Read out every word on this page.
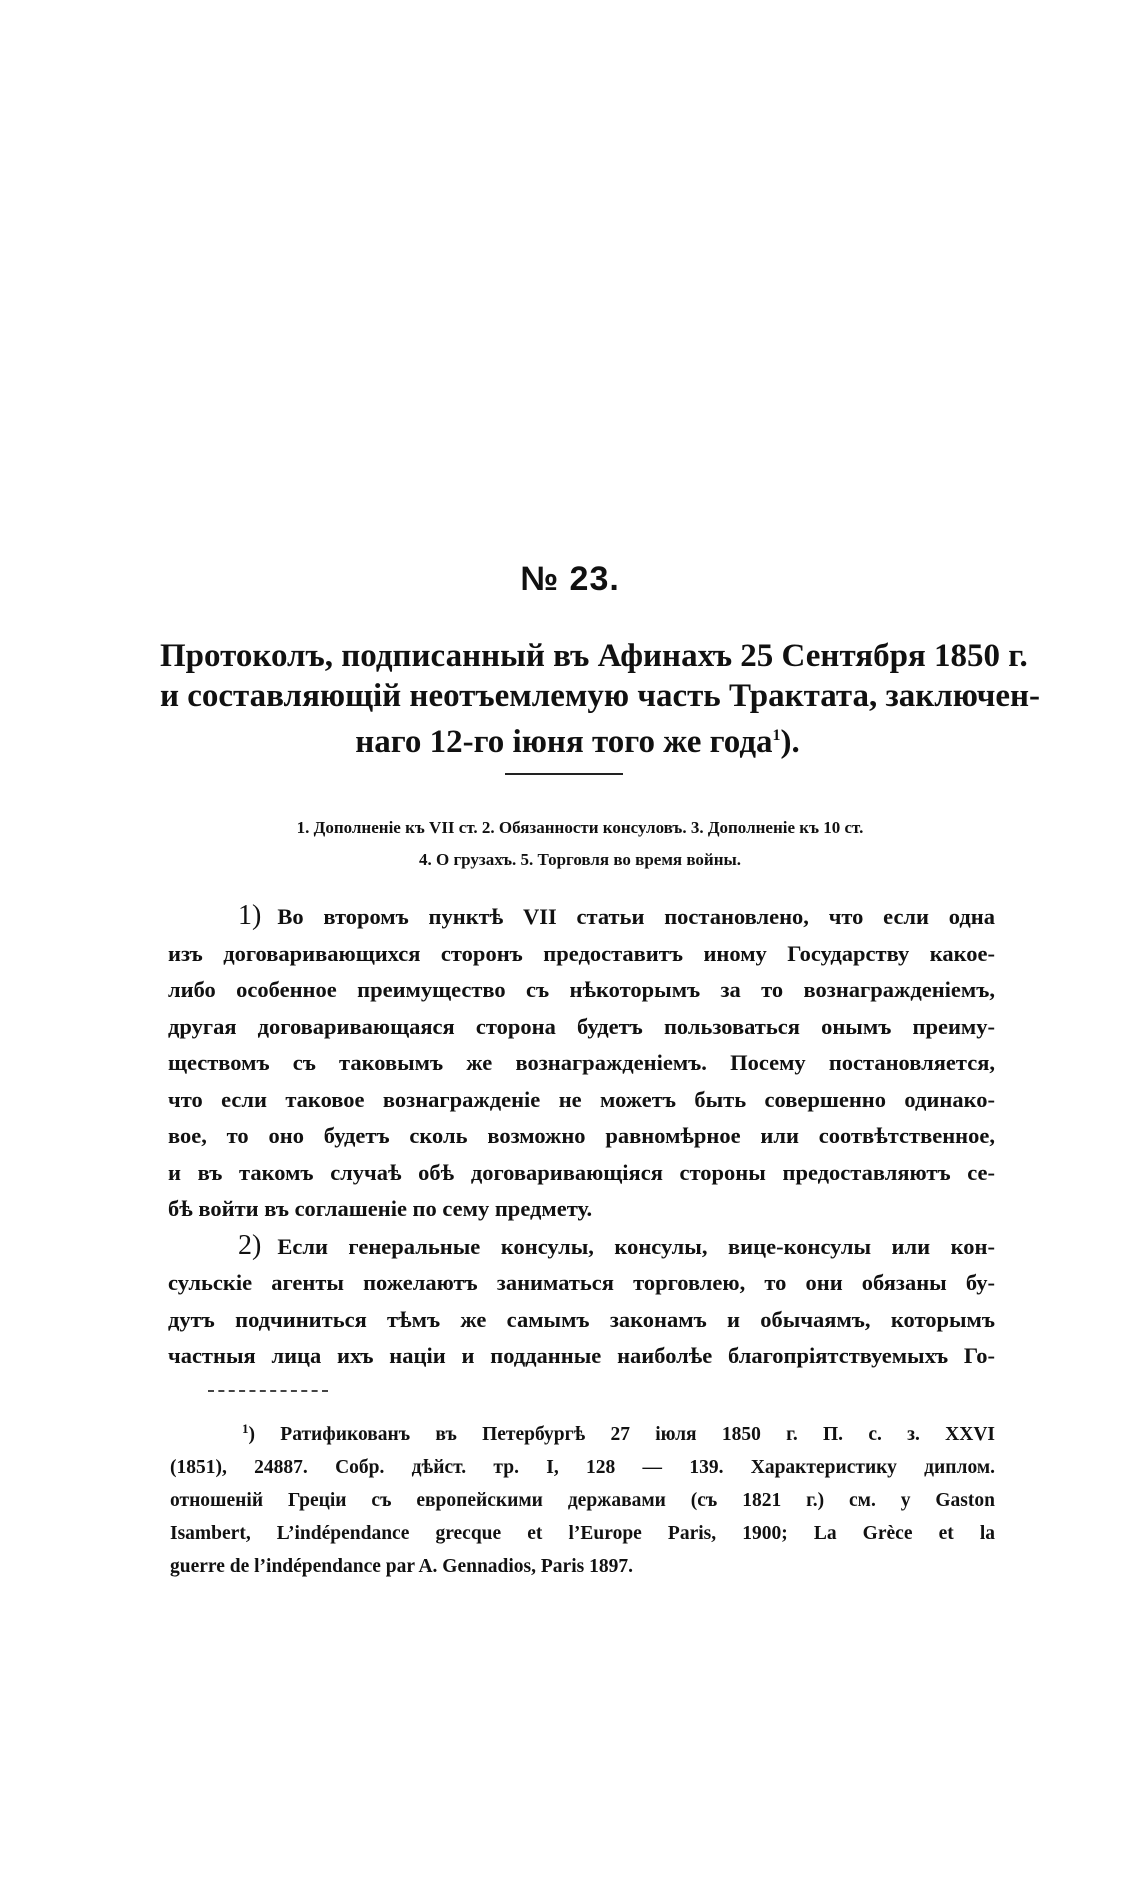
№ 23.
Протоколъ, подписанный въ Афинахъ 25 Сентября 1850 г.
и составляющій неотъемлемую часть Трактата, заключен-
наго 12-го іюня того же года$^1$).
1. Дополненіе къ VII ст. 2. Обязанности консуловъ. 3. Дополненіе къ 10 ст.
4. О грузахъ. 5. Торговля во время войны.
1) Во второмъ пунктѣ VII статьи постановлено, что если одна
изъ договаривающихся сторонъ предоставитъ иному Государству какое-
либо особенное преимущество съ нѣкоторымъ за то вознагражденіемъ,
другая договаривающаяся сторона будетъ пользоваться онымъ преиму-
ществомъ съ таковымъ же вознагражденіемъ. Посему постановляется,
что если таковое вознагражденіе не можетъ быть совершенно одинако-
вое, то оно будетъ сколь возможно равномѣрное или соотвѣтственное,
и въ такомъ случаѣ обѣ договаривающіяся стороны предоставляютъ се-
бѣ войти въ соглашеніе по сему предмету.
2) Если генеральные консулы, консулы, вице-консулы или кон-
сульскіе агенты пожелаютъ заниматься торговлею, то они обязаны бу-
дутъ подчиниться тѣмъ же самымъ законамъ и обычаямъ, которымъ
частныя лица ихъ націи и подданные наиболѣе благопріятствуемыхъ Го-
$^1$) Ратификованъ въ Петербургѣ 27 іюля 1850 г. П. с. з. XXVI
(1851), 24887. Собр. дѣйст. тр. I, 128 — 139. Характеристику диплом.
отношеній Греціи съ европейскими державами (съ 1821 г.) см. у Gaston
Isambert, L’indépendance grecque et l’Europe Paris, 1900; La Grèce et la
guerre de l’indépendance par A. Gennadios, Paris 1897.
